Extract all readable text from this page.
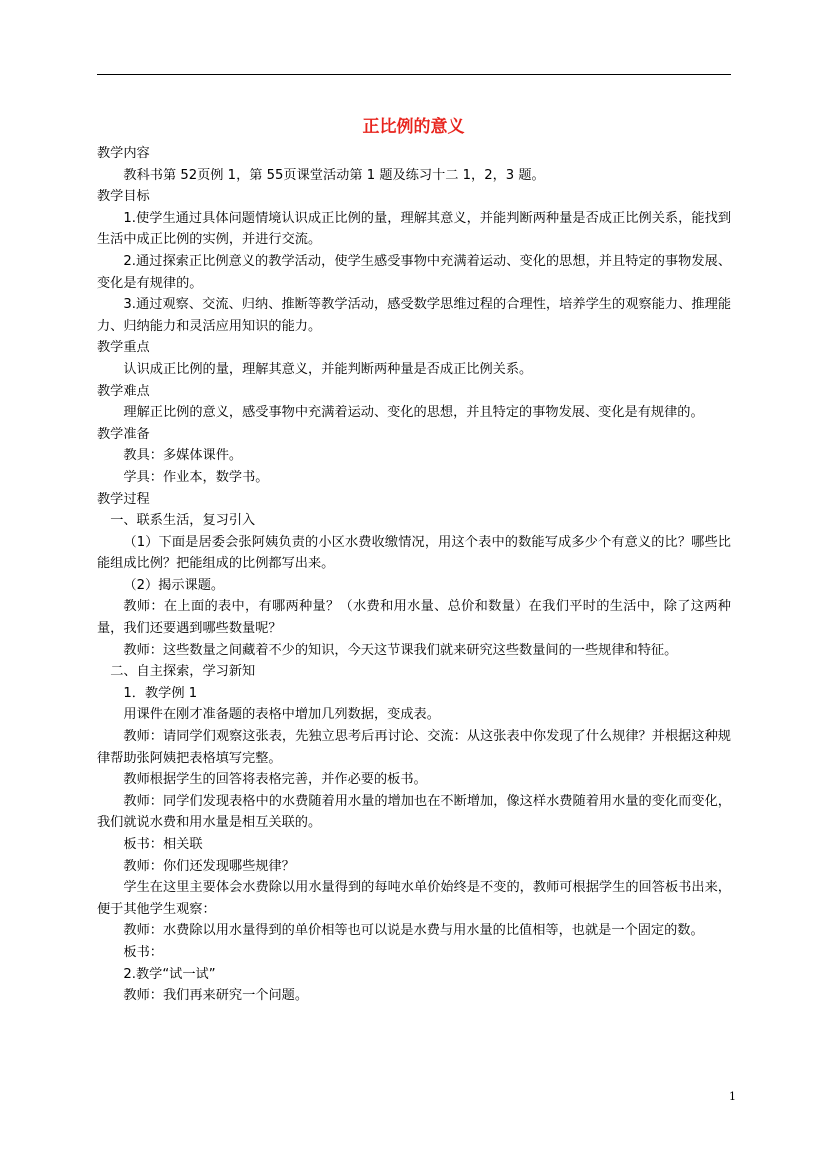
正比例的意义

教学内容

教科书第 52页例 1，第 55页课堂活动第 1 题及练习十二 1，2，3 题。

教学目标

1.使学生通过具体问题情境认识成正比例的量，理解其意义，并能判断两种量是否成正比例关系，能找到生活中成正比例的实例，并进行交流。

2.通过探索正比例意义的教学活动，使学生感受事物中充满着运动、变化的思想，并且特定的事物发展、变化是有规律的。

3.通过观察、交流、归纳、推断等教学活动，感受数学思维过程的合理性，培养学生的观察能力、推理能力、归纳能力和灵活应用知识的能力。

教学重点

认识成正比例的量，理解其意义，并能判断两种量是否成正比例关系。

教学难点

理解正比例的意义，感受事物中充满着运动、变化的思想，并且特定的事物发展、变化是有规律的。

教学准备

教具：多媒体课件。

学具：作业本，数学书。

教学过程

一、联系生活，复习引入

（1）下面是居委会张阿姨负责的小区水费收缴情况，用这个表中的数能写成多少个有意义的比？哪些比能组成比例？把能组成的比例都写出来。

（2）揭示课题。

教师：在上面的表中，有哪两种量？（水费和用水量、总价和数量）在我们平时的生活中，除了这两种量，我们还要遇到哪些数量呢？

教师：这些数量之间藏着不少的知识，今天这节课我们就来研究这些数量间的一些规律和特征。

二、自主探索，学习新知

1．教学例 1

用课件在刚才准备题的表格中增加几列数据，变成表。

教师：请同学们观察这张表，先独立思考后再讨论、交流：从这张表中你发现了什么规律？并根据这种规律帮助张阿姨把表格填写完整。

教师根据学生的回答将表格完善，并作必要的板书。

教师：同学们发现表格中的水费随着用水量的增加也在不断增加，像这样水费随着用水量的变化而变化，我们就说水费和用水量是相互关联的。

板书：相关联

教师：你们还发现哪些规律？

学生在这里主要体会水费除以用水量得到的每吨水单价始终是不变的，教师可根据学生的回答板书出来，便于其他学生观察：

教师：水费除以用水量得到的单价相等也可以说是水费与用水量的比值相等，也就是一个固定的数。

板书：

2.教学“试一试”

教师：我们再来研究一个问题。

1
